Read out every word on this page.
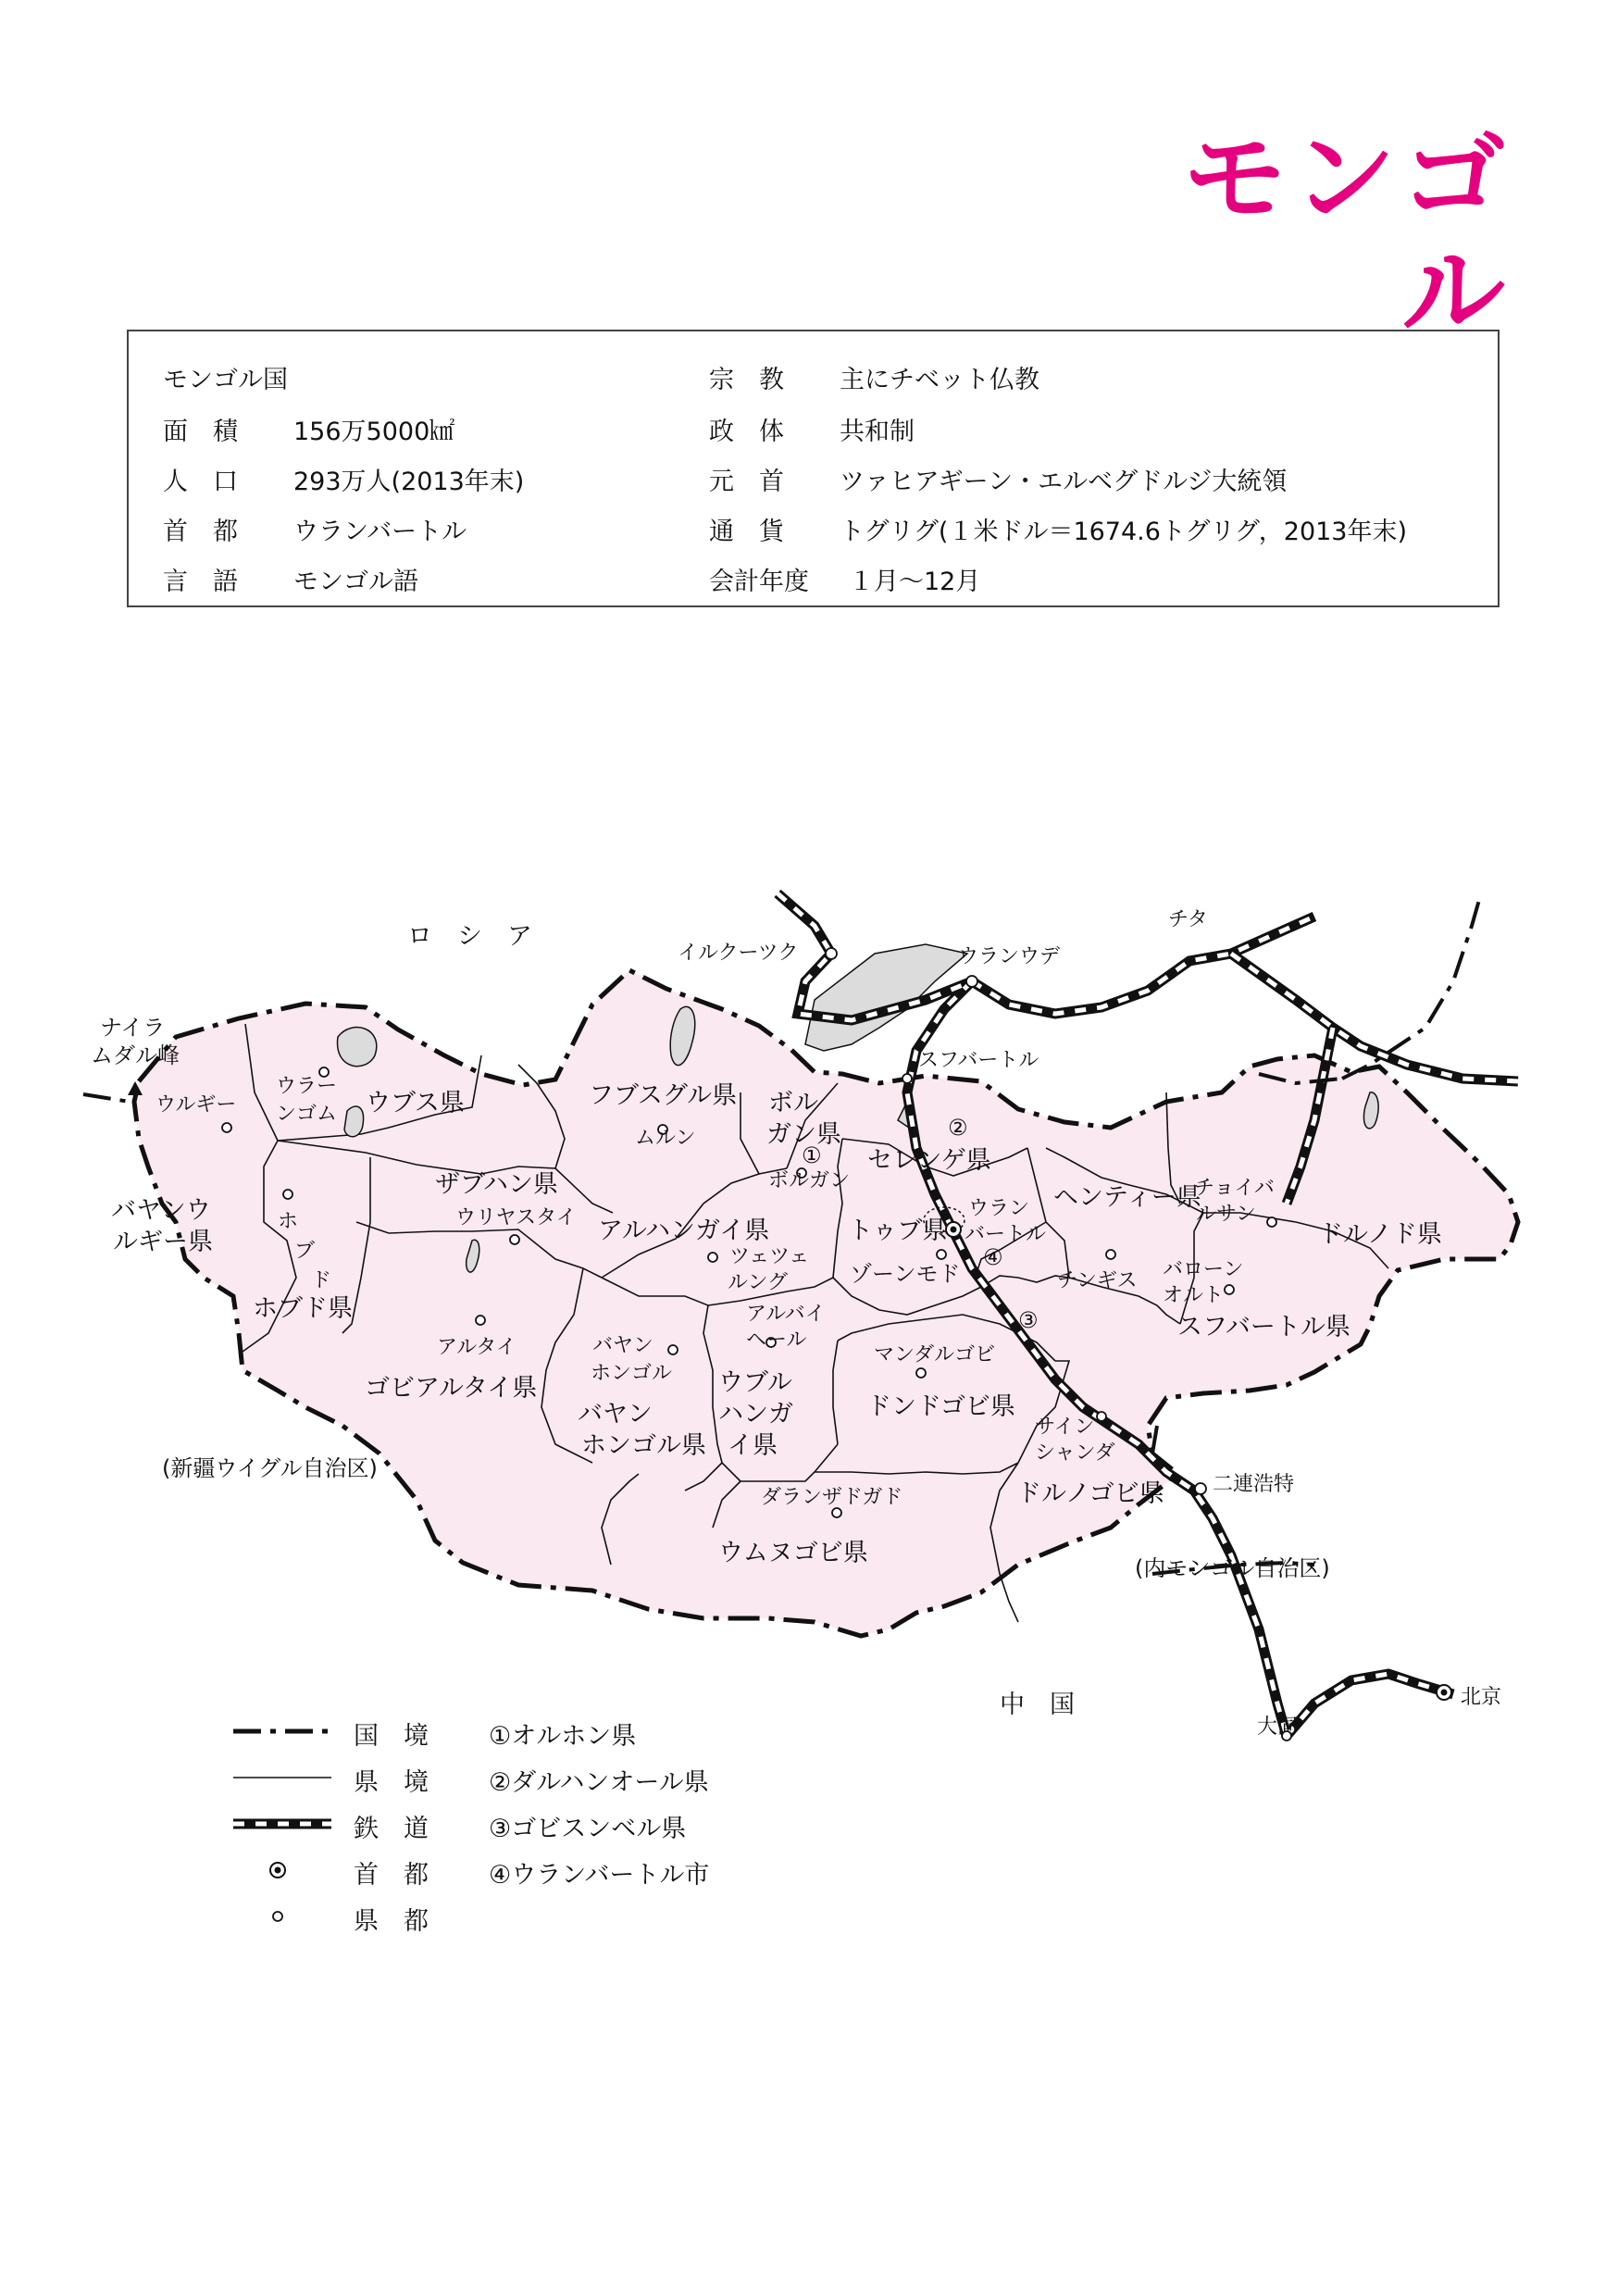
モンゴル
モンゴル国
面　積 156万5000㎢
人　口 293万人(2013年末)
首　都 ウランバートル
言　語 モンゴル語
宗　教 主にチベット仏教
政　体 共和制
元　首 ツァヒアギーン・エルベグドルジ大統領
通　貨 トグリグ(１米ドル＝1674.6トグリグ，2013年末)
会計年度 １月〜12月
ロ　シ　ア
中　国
(新疆ウイグル自治区)
(内モンゴル自治区)
ナイラ
ムダル峰
イルクーツク	ウランウデ
チタ
二連浩特
大同
北京
ウブス県
バヤンウ
ルギー県
ホブド県
フブスグル県
ザブハン県
ボル
ガン県
セレンゲ県
アルハンガイ県	トゥブ県
ヘンティー県
ドルノド県
スフバートル県
ゴビアルタイ県
バヤン
ホンゴル県
ウブル
ハンガ
イ県
ドンドゴビ県
ドルノゴビ県
ウムヌゴビ県
ウラー
ンゴム
ウルギー
ホ
ブ
ド
ムルン
ウリヤスタイ
ボルガン
ツェツェ
ルング
スフバートル
ウラン
バートル
ゾーンモド	チンギス
チョイバ
ルサン
バローン
オルト
アルタイ	バヤン
ホンゴル
アルバイ
ヘール
マンダルゴビ
サイン
シャンダ
ダランザドガド
①
②
③
④
国　境
県　境
鉄　道
首　都
県　都
①オルホン県
②ダルハンオール県
③ゴビスンベル県
④ウランバートル市
